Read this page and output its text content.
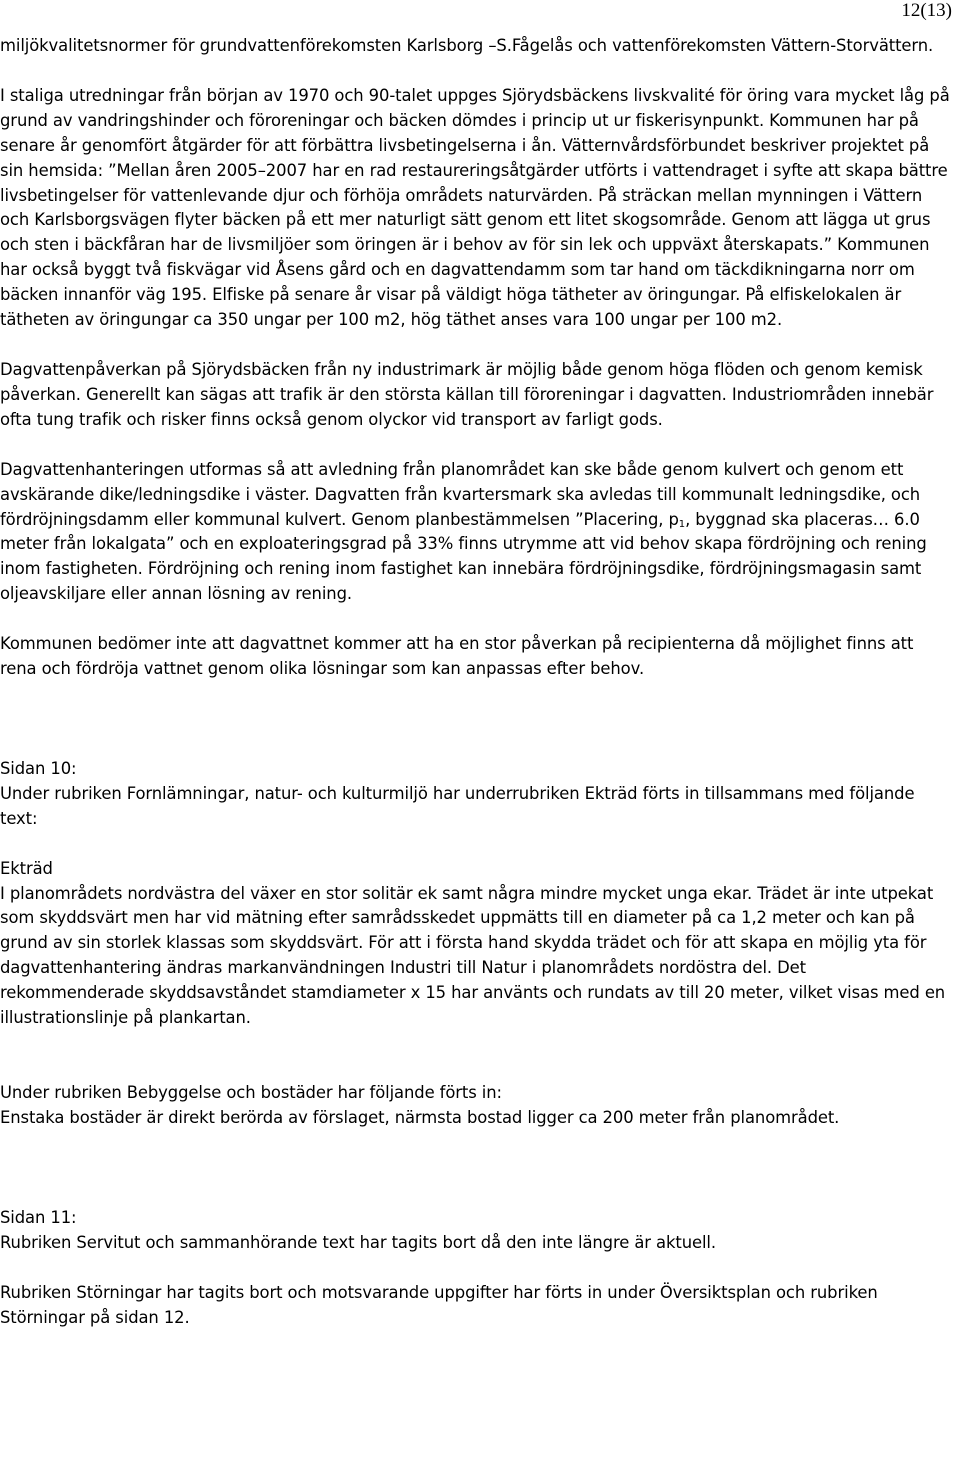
12(13)

miljökvalitetsnormer för grundvattenförekomsten Karlsborg –S.Fågelås och vattenförekomsten Vättern-Storvättern.

I staliga utredningar från början av 1970 och 90-talet uppges Sjörydsbäckens livskvalité för öring vara mycket låg på grund av vandringshinder och föroreningar och bäcken dömdes i princip ut ur fiskerisynpunkt. Kommunen har på senare år genomfört åtgärder för att förbättra livsbetingelserna i ån. Vätternvårdsförbundet beskriver projektet på sin hemsida: ”Mellan åren 2005–2007 har en rad restaureringsåtgärder utförts i vattendraget i syfte att skapa bättre livsbetingelser för vattenlevande djur och förhöja områdets naturvärden. På sträckan mellan mynningen i Vättern och Karlsborgsvägen flyter bäcken på ett mer naturligt sätt genom ett litet skogsområde. Genom att lägga ut grus och sten i bäckfåran har de livsmiljöer som öringen är i behov av för sin lek och uppväxt återskapats.” Kommunen har också byggt två fiskvägar vid Åsens gård och en dagvattendamm som tar hand om täckdikningarna norr om bäcken innanför väg 195. Elfiske på senare år visar på väldigt höga tätheter av öringungar. På elfiskelokalen är tätheten av öringungar ca 350 ungar per 100 m2, hög täthet anses vara 100 ungar per 100 m2.

Dagvattenpåverkan på Sjörydsbäcken från ny industrimark är möjlig både genom höga flöden och genom kemisk påverkan. Generellt kan sägas att trafik är den största källan till föroreningar i dagvatten. Industriområden innebär ofta tung trafik och risker finns också genom olyckor vid transport av farligt gods.

Dagvattenhanteringen utformas så att avledning från planområdet kan ske både genom kulvert och genom ett avskärande dike/ledningsdike i väster. Dagvatten från kvartersmark ska avledas till kommunalt ledningsdike, och fördröjningsdamm eller kommunal kulvert. Genom planbestämmelsen ”Placering, $p_1$, byggnad ska placeras… 6.0 meter från lokalgata” och en exploateringsgrad på 33% finns utrymme att vid behov skapa fördröjning och rening inom fastigheten. Fördröjning och rening inom fastighet kan innebära fördröjningsdike, fördröjningsmagasin samt oljeavskiljare eller annan lösning av rening.

Kommunen bedömer inte att dagvattnet kommer att ha en stor påverkan på recipienterna då möjlighet finns att rena och fördröja vattnet genom olika lösningar som kan anpassas efter behov.

Sidan 10:

Under rubriken Fornlämningar, natur- och kulturmiljö har underrubriken Ekträd förts in tillsammans med följande text:

Ekträd

I planområdets nordvästra del växer en stor solitär ek samt några mindre mycket unga ekar. Trädet är inte utpekat som skyddsvärt men har vid mätning efter samrådsskedet uppmätts till en diameter på ca 1,2 meter och kan på grund av sin storlek klassas som skyddsvärt. För att i första hand skydda trädet och för att skapa en möjlig yta för dagvattenhantering ändras markanvändningen Industri till Natur i planområdets nordöstra del. Det rekommenderade skyddsavståndet stamdiameter x 15 har använts och rundats av till 20 meter, vilket visas med en illustrationslinje på plankartan.

Under rubriken Bebyggelse och bostäder har följande förts in:

Enstaka bostäder är direkt berörda av förslaget, närmsta bostad ligger ca 200 meter från planområdet.

Sidan 11:

Rubriken Servitut och sammanhörande text har tagits bort då den inte längre är aktuell.

Rubriken Störningar har tagits bort och motsvarande uppgifter har förts in under Översiktsplan och rubriken Störningar på sidan 12.
